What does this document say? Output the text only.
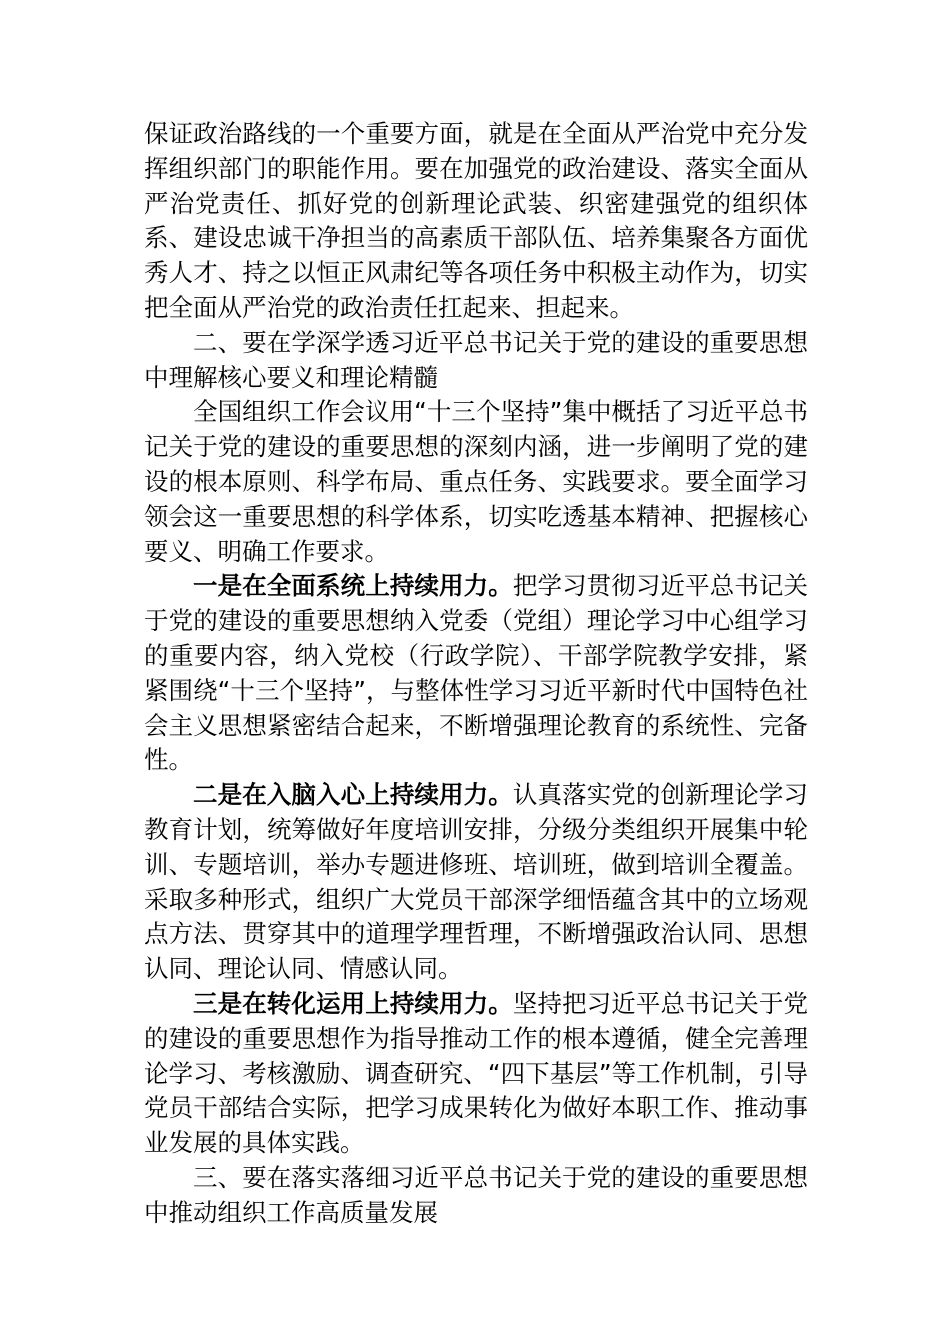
保证政治路线的一个重要方面，就是在全面从严治党中充分发挥组织部门的职能作用。要在加强党的政治建设、落实全面从严治党责任、抓好党的创新理论武装、织密建强党的组织体系、建设忠诚干净担当的高素质干部队伍、培养集聚各方面优秀人才、持之以恒正风肃纪等各项任务中积极主动作为，切实把全面从严治党的政治责任扛起来、担起来。

二、要在学深学透习近平总书记关于党的建设的重要思想中理解核心要义和理论精髓

全国组织工作会议用“十三个坚持”集中概括了习近平总书记关于党的建设的重要思想的深刻内涵，进一步阐明了党的建设的根本原则、科学布局、重点任务、实践要求。要全面学习领会这一重要思想的科学体系，切实吃透基本精神、把握核心要义、明确工作要求。

一是在全面系统上持续用力。把学习贯彻习近平总书记关于党的建设的重要思想纳入党委（党组）理论学习中心组学习的重要内容，纳入党校（行政学院）、干部学院教学安排，紧紧围绕“十三个坚持”，与整体性学习习近平新时代中国特色社会主义思想紧密结合起来，不断增强理论教育的系统性、完备性。

二是在入脑入心上持续用力。认真落实党的创新理论学习教育计划，统筹做好年度培训安排，分级分类组织开展集中轮训、专题培训，举办专题进修班、培训班，做到培训全覆盖。采取多种形式，组织广大党员干部深学细悟蕴含其中的立场观点方法、贯穿其中的道理学理哲理，不断增强政治认同、思想认同、理论认同、情感认同。

三是在转化运用上持续用力。坚持把习近平总书记关于党的建设的重要思想作为指导推动工作的根本遵循，健全完善理论学习、考核激励、调查研究、“四下基层”等工作机制，引导党员干部结合实际，把学习成果转化为做好本职工作、推动事业发展的具体实践。

三、要在落实落细习近平总书记关于党的建设的重要思想中推动组织工作高质量发展
